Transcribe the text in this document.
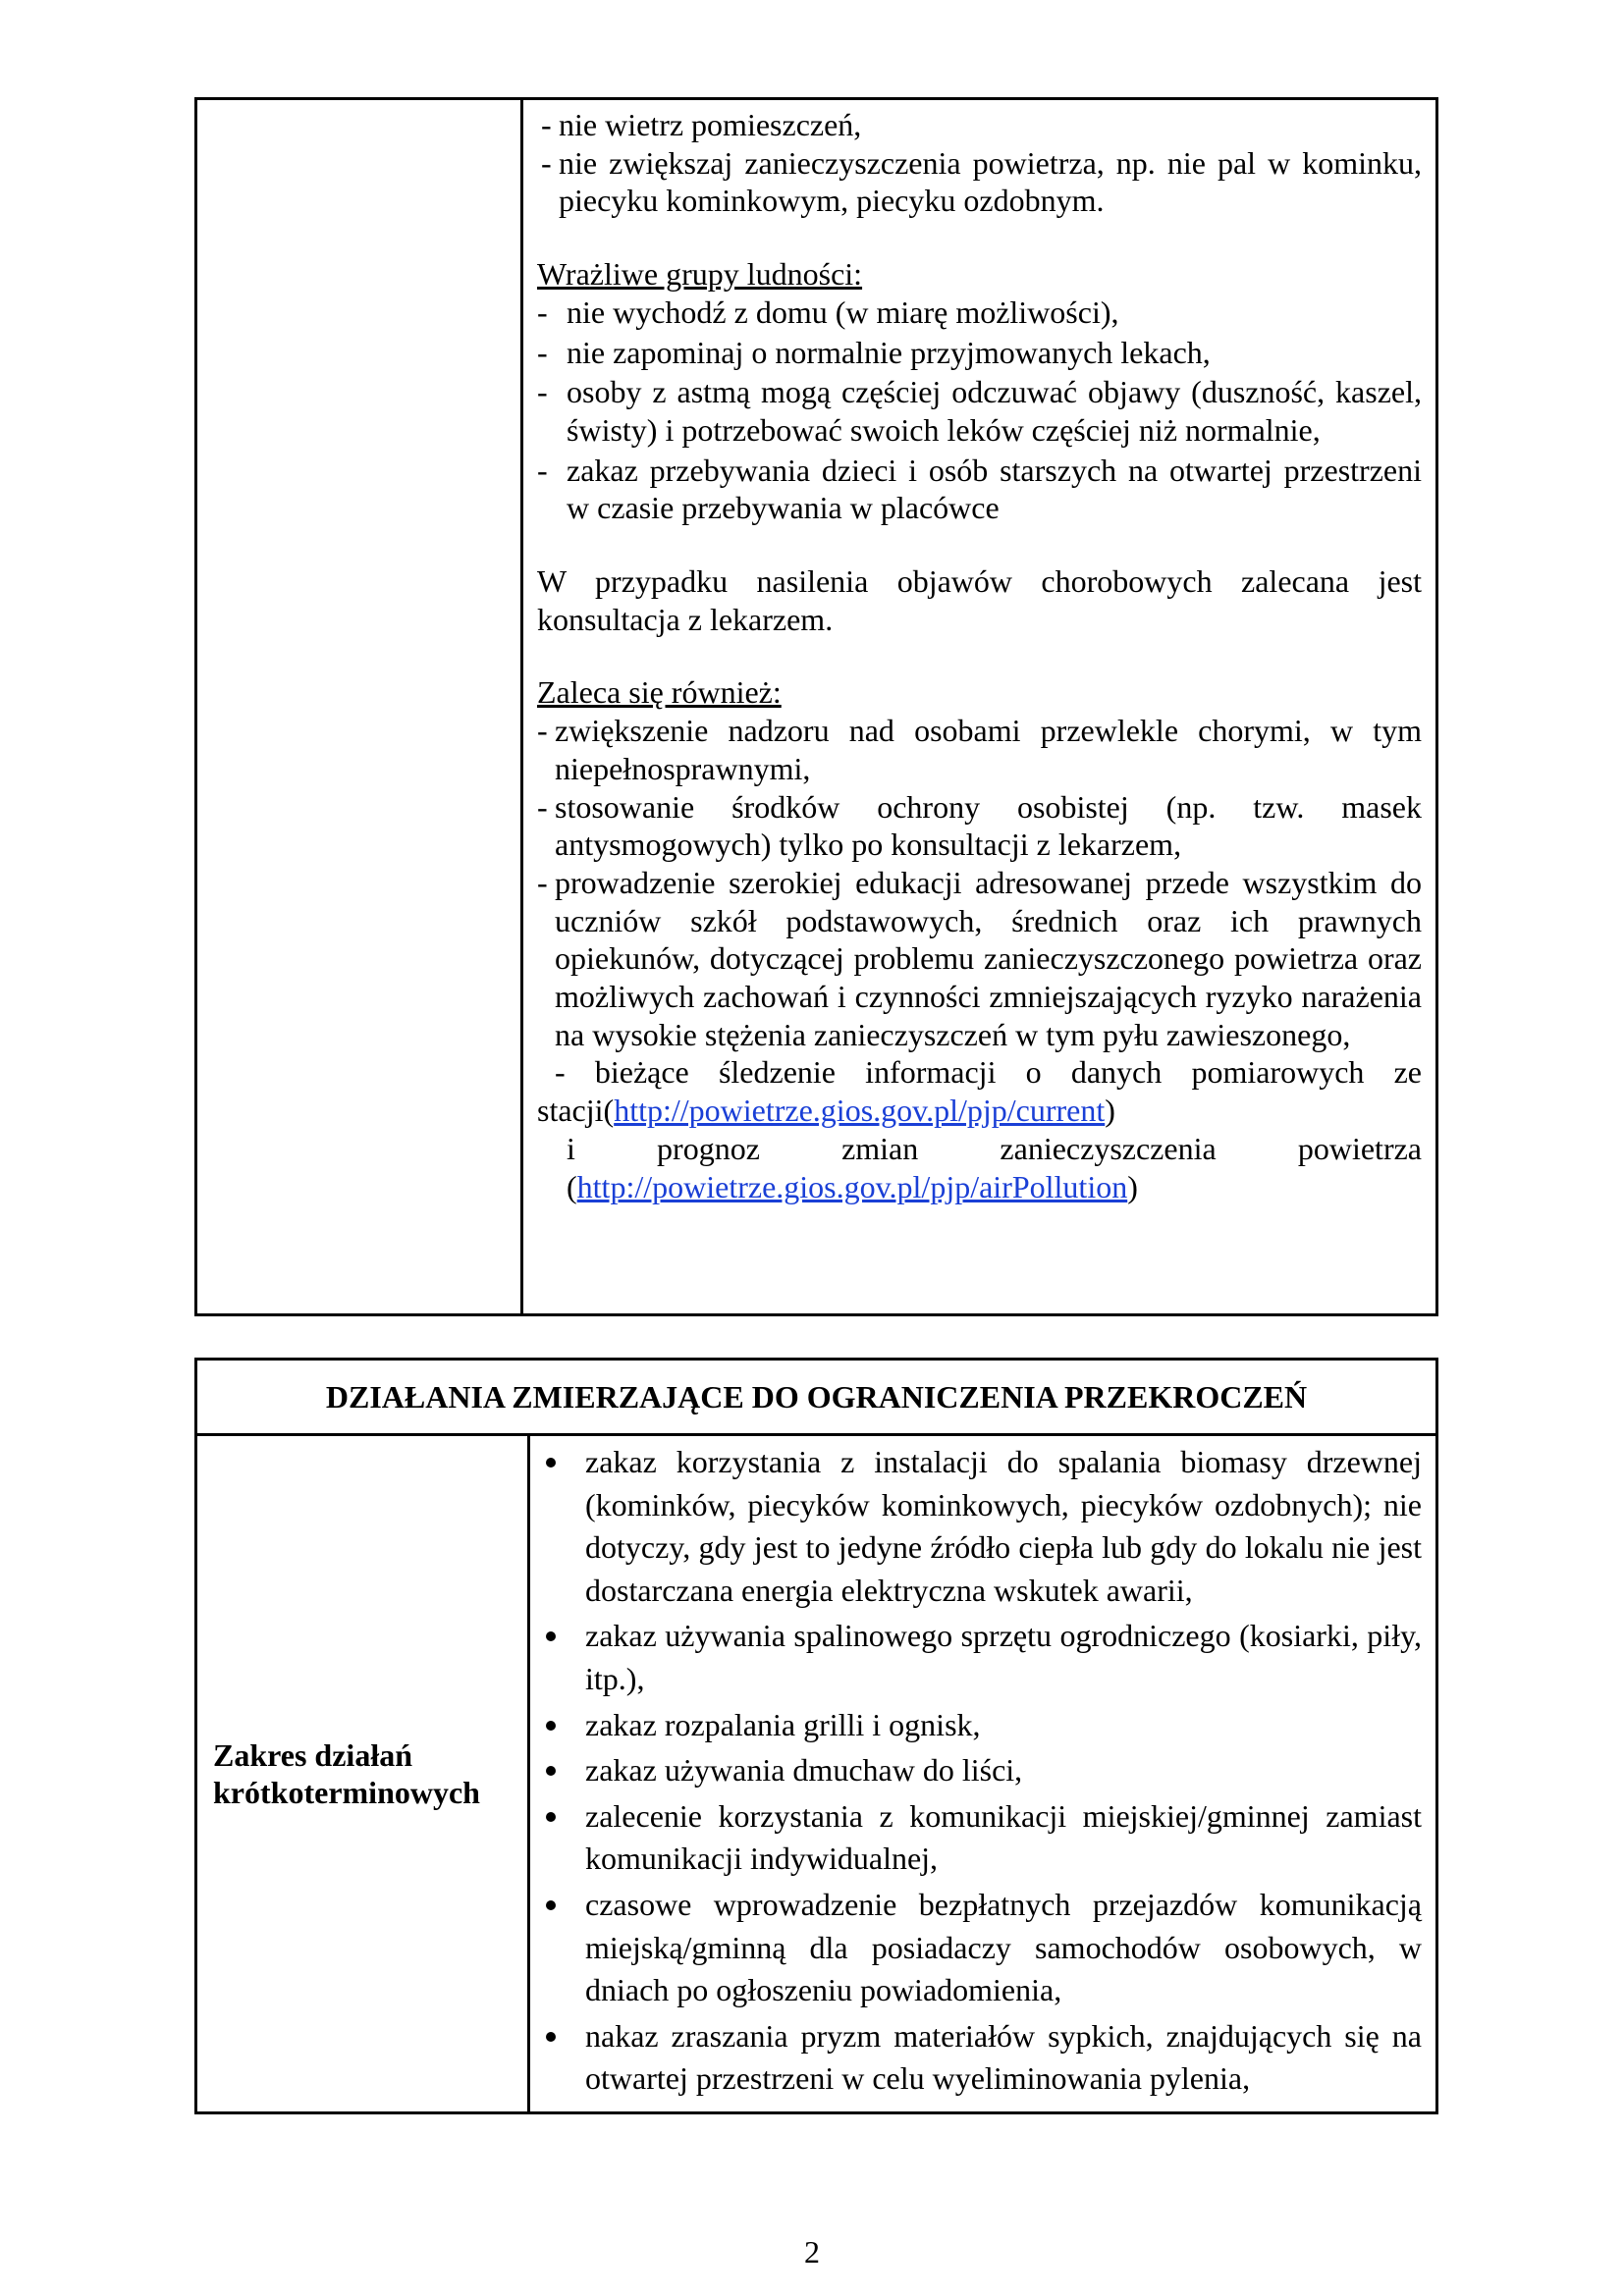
- nie wietrz pomieszczeń,
- nie zwiększaj zanieczyszczenia powietrza, np. nie pal w kominku, piecyku kominkowym, piecyku ozdobnym.
Wrażliwe grupy ludności:
- nie wychodź z domu (w miarę możliwości),
- nie zapominaj o normalnie przyjmowanych lekach,
- osoby z astmą mogą częściej odczuwać objawy (duszność, kaszel, świsty) i potrzebować swoich leków częściej niż normalnie,
- zakaz przebywania dzieci i osób starszych na otwartej przestrzeni w czasie przebywania w placówce
W przypadku nasilenia objawów chorobowych zalecana jest konsultacja z lekarzem.
Zaleca się również:
- zwiększenie nadzoru nad osobami przewlekle chorymi, w tym niepełnosprawnymi,
- stosowanie środków ochrony osobistej (np. tzw. masek antysmogowych) tylko po konsultacji z lekarzem,
- prowadzenie szerokiej edukacji adresowanej przede wszystkim do uczniów szkół podstawowych, średnich oraz ich prawnych opiekunów, dotyczącej problemu zanieczyszczonego powietrza oraz możliwych zachowań i czynności zmniejszających ryzyko narażenia na wysokie stężenia zanieczyszczeń w tym pyłu zawieszonego,
- bieżące śledzenie informacji o danych pomiarowych ze
stacji(http://powietrze.gios.gov.pl/pjp/current)
i prognoz zmian zanieczyszczenia powietrza
(http://powietrze.gios.gov.pl/pjp/airPollution)
DZIAŁANIA ZMIERZAJĄCE DO OGRANICZENIA PRZEKROCZEŃ
Zakres działań krótkoterminowych	
zakaz korzystania z instalacji do spalania biomasy drzewnej (kominków, piecyków kominkowych, piecyków ozdobnych); nie dotyczy, gdy jest to jedyne źródło ciepła lub gdy do lokalu nie jest dostarczana energia elektryczna wskutek awarii,
zakaz używania spalinowego sprzętu ogrodniczego (kosiarki, piły, itp.),
zakaz rozpalania grilli i ognisk,
zakaz używania dmuchaw do liści,
zalecenie korzystania z komunikacji miejskiej/gminnej zamiast komunikacji indywidualnej,
czasowe wprowadzenie bezpłatnych przejazdów komunikacją miejską/gminną dla posiadaczy samochodów osobowych, w dniach po ogłoszeniu powiadomienia,
nakaz zraszania pryzm materiałów sypkich, znajdujących się na otwartej przestrzeni w celu wyeliminowania pylenia,
2
